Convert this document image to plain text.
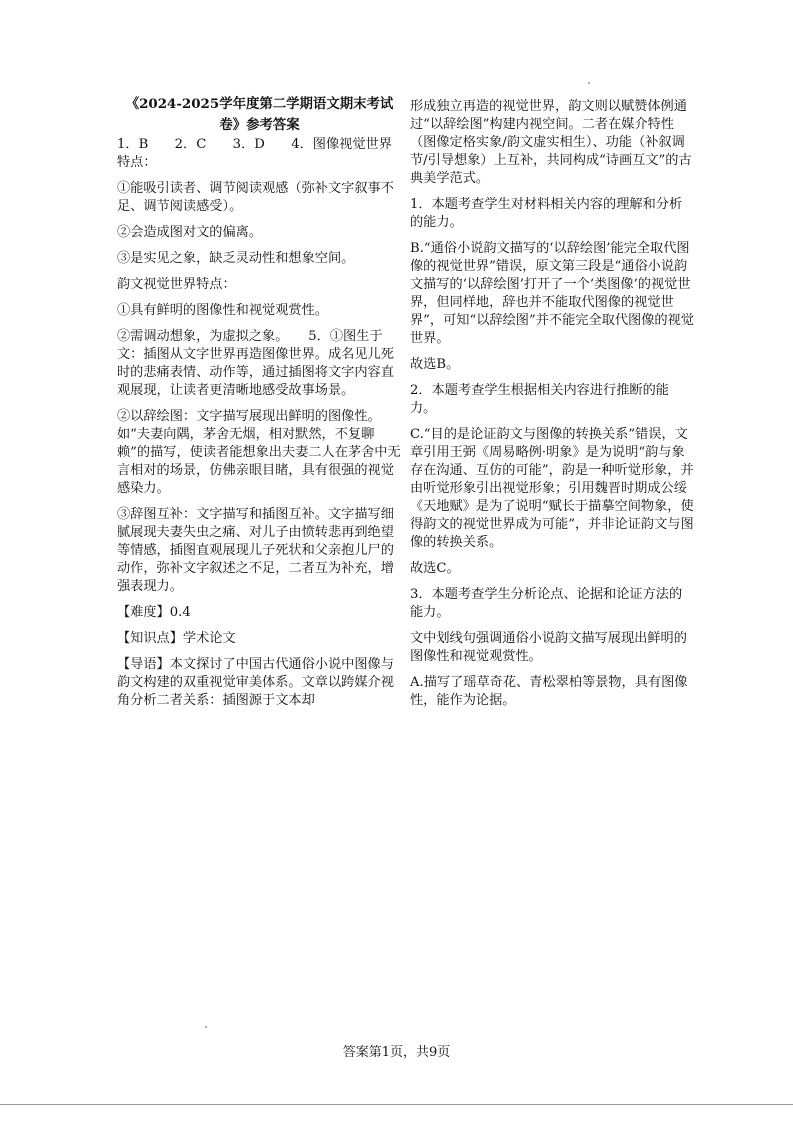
《2024-2025学年度第二学期语文期末考试卷》参考答案

1．B　　2．C　　3．D　　4．图像视觉世界特点：

①能吸引读者、调节阅读观感（弥补文字叙事不足、调节阅读感受）。

②会造成图对文的偏离。

③是实见之象，缺乏灵动性和想象空间。

韵文视觉世界特点：

①具有鲜明的图像性和视觉观赏性。

②需调动想象，为虚拟之象。　　5．①图生于文：插图从文字世界再造图像世界。成名见儿死时的悲痛表情、动作等，通过插图将文字内容直观展现，让读者更清晰地感受故事场景。

②以辞绘图：文字描写展现出鲜明的图像性。如“夫妻向隅，茅舍无烟，相对默然，不复聊赖”的描写，使读者能想象出夫妻二人在茅舍中无言相对的场景，仿佛亲眼目睹，具有很强的视觉感染力。

③辞图互补：文字描写和插图互补。文字描写细腻展现夫妻失虫之痛、对儿子由愤转悲再到绝望等情感，插图直观展现儿子死状和父亲抱儿尸的动作，弥补文字叙述之不足，二者互为补充，增强表现力。

【难度】0.4

【知识点】学术论文

【导语】本文探讨了中国古代通俗小说中图像与韵文构建的双重视觉审美体系。文章以跨媒介视角分析二者关系：插图源于文本却

形成独立再造的视觉世界，韵文则以赋赞体例通过“以辞绘图”构建内视空间。二者在媒介特性（图像定格实象/韵文虚实相生）、功能（补叙调节/引导想象）上互补，共同构成“诗画互文”的古典美学范式。

1．本题考查学生对材料相关内容的理解和分析的能力。

B.“通俗小说韵文描写的‘以辞绘图’能完全取代图像的视觉世界”错误，原文第三段是“通俗小说韵文描写的‘以辞绘图’打开了一个‘类图像’的视觉世界，但同样地，辞也并不能取代图像的视觉世界”，可知“以辞绘图”并不能完全取代图像的视觉世界。

故选B。

2．本题考查学生根据相关内容进行推断的能力。

C.“目的是论证韵文与图像的转换关系”错误，文章引用王弼《周易略例·明象》是为说明“韵与象存在沟通、互仿的可能”，韵是一种听觉形象，并由听觉形象引出视觉形象；引用魏晋时期成公绥《天地赋》是为了说明“赋长于描摹空间物象，使得韵文的视觉世界成为可能”，并非论证韵文与图像的转换关系。

故选C。

3．本题考查学生分析论点、论据和论证方法的能力。

文中划线句强调通俗小说韵文描写展现出鲜明的图像性和视觉观赏性。

A.描写了瑶草奇花、青松翠柏等景物，具有图像性，能作为论据。

答案第1页，共9页
